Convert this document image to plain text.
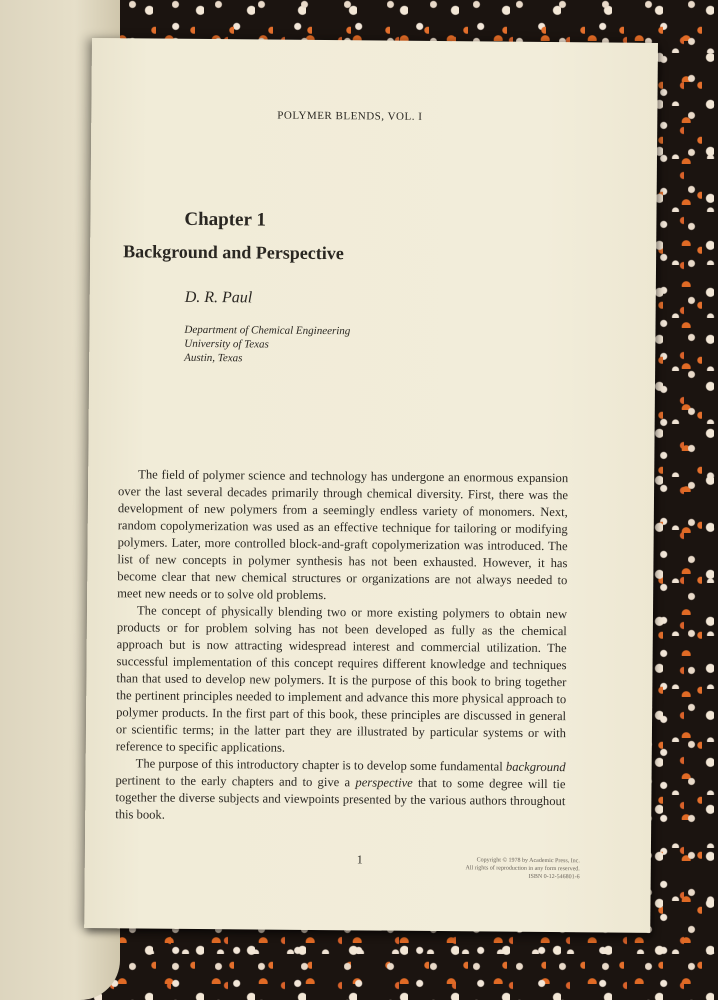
POLYMER BLENDS, VOL. I
Chapter 1
Background and Perspective
D. R. Paul
Department of Chemical Engineering
University of Texas
Austin, Texas

The field of polymer science and technology has undergone an enormous expansion over the last several decades primarily through chemical diversity. First, there was the development of new polymers from a seemingly endless variety of monomers. Next, random copolymerization was used as an effective technique for tailoring or modifying polymers. Later, more controlled block-and-graft copolymerization was introduced. The list of new concepts in polymer synthesis has not been exhausted. However, it has become clear that new chemical structures or organizations are not always needed to meet new needs or to solve old problems.

The concept of physically blending two or more existing polymers to obtain new products or for problem solving has not been developed as fully as the chemical approach but is now attracting widespread interest and commercial utilization. The successful implementation of this concept requires different knowledge and techniques than that used to develop new polymers. It is the purpose of this book to bring together the pertinent principles needed to implement and advance this more physical approach to polymer products. In the first part of this book, these principles are discussed in general or scientific terms; in the latter part they are illustrated by particular systems or with reference to specific applications.

The purpose of this introductory chapter is to develop some fundamental background pertinent to the early chapters and to give a perspective that to some degree will tie together the diverse subjects and viewpoints presented by the various authors throughout this book.

1	Copyright © 1978 by Academic Press, Inc.
All rights of reproduction in any form reserved.
ISBN 0-12-546801-6
